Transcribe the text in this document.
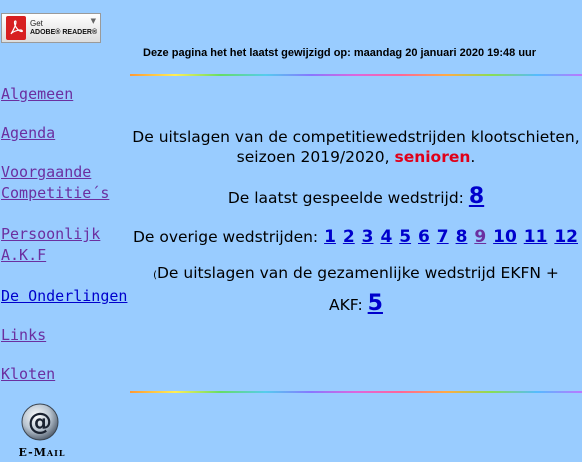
Get
ADOBE® READER®
▼
Algemeen
Agenda
Voorgaande
Competitie´s
Persoonlijk
A.K.F
De Onderlingen
Links
Kloten
@
E-Mail
Deze pagina het het laatst gewijzigd op: maandag 20 januari 2020 19:48 uur
De uitslagen van de competitiewedstrijden klootschieten, seizoen 2019/2020, senioren.
De laatst gespeelde wedstrijd: 8
De overige wedstrijden: 1 2 3 4 5 6 7 8 9 10 11 12
(De uitslagen van de gezamenlijke wedstrijd EKFN + AKF: 5
